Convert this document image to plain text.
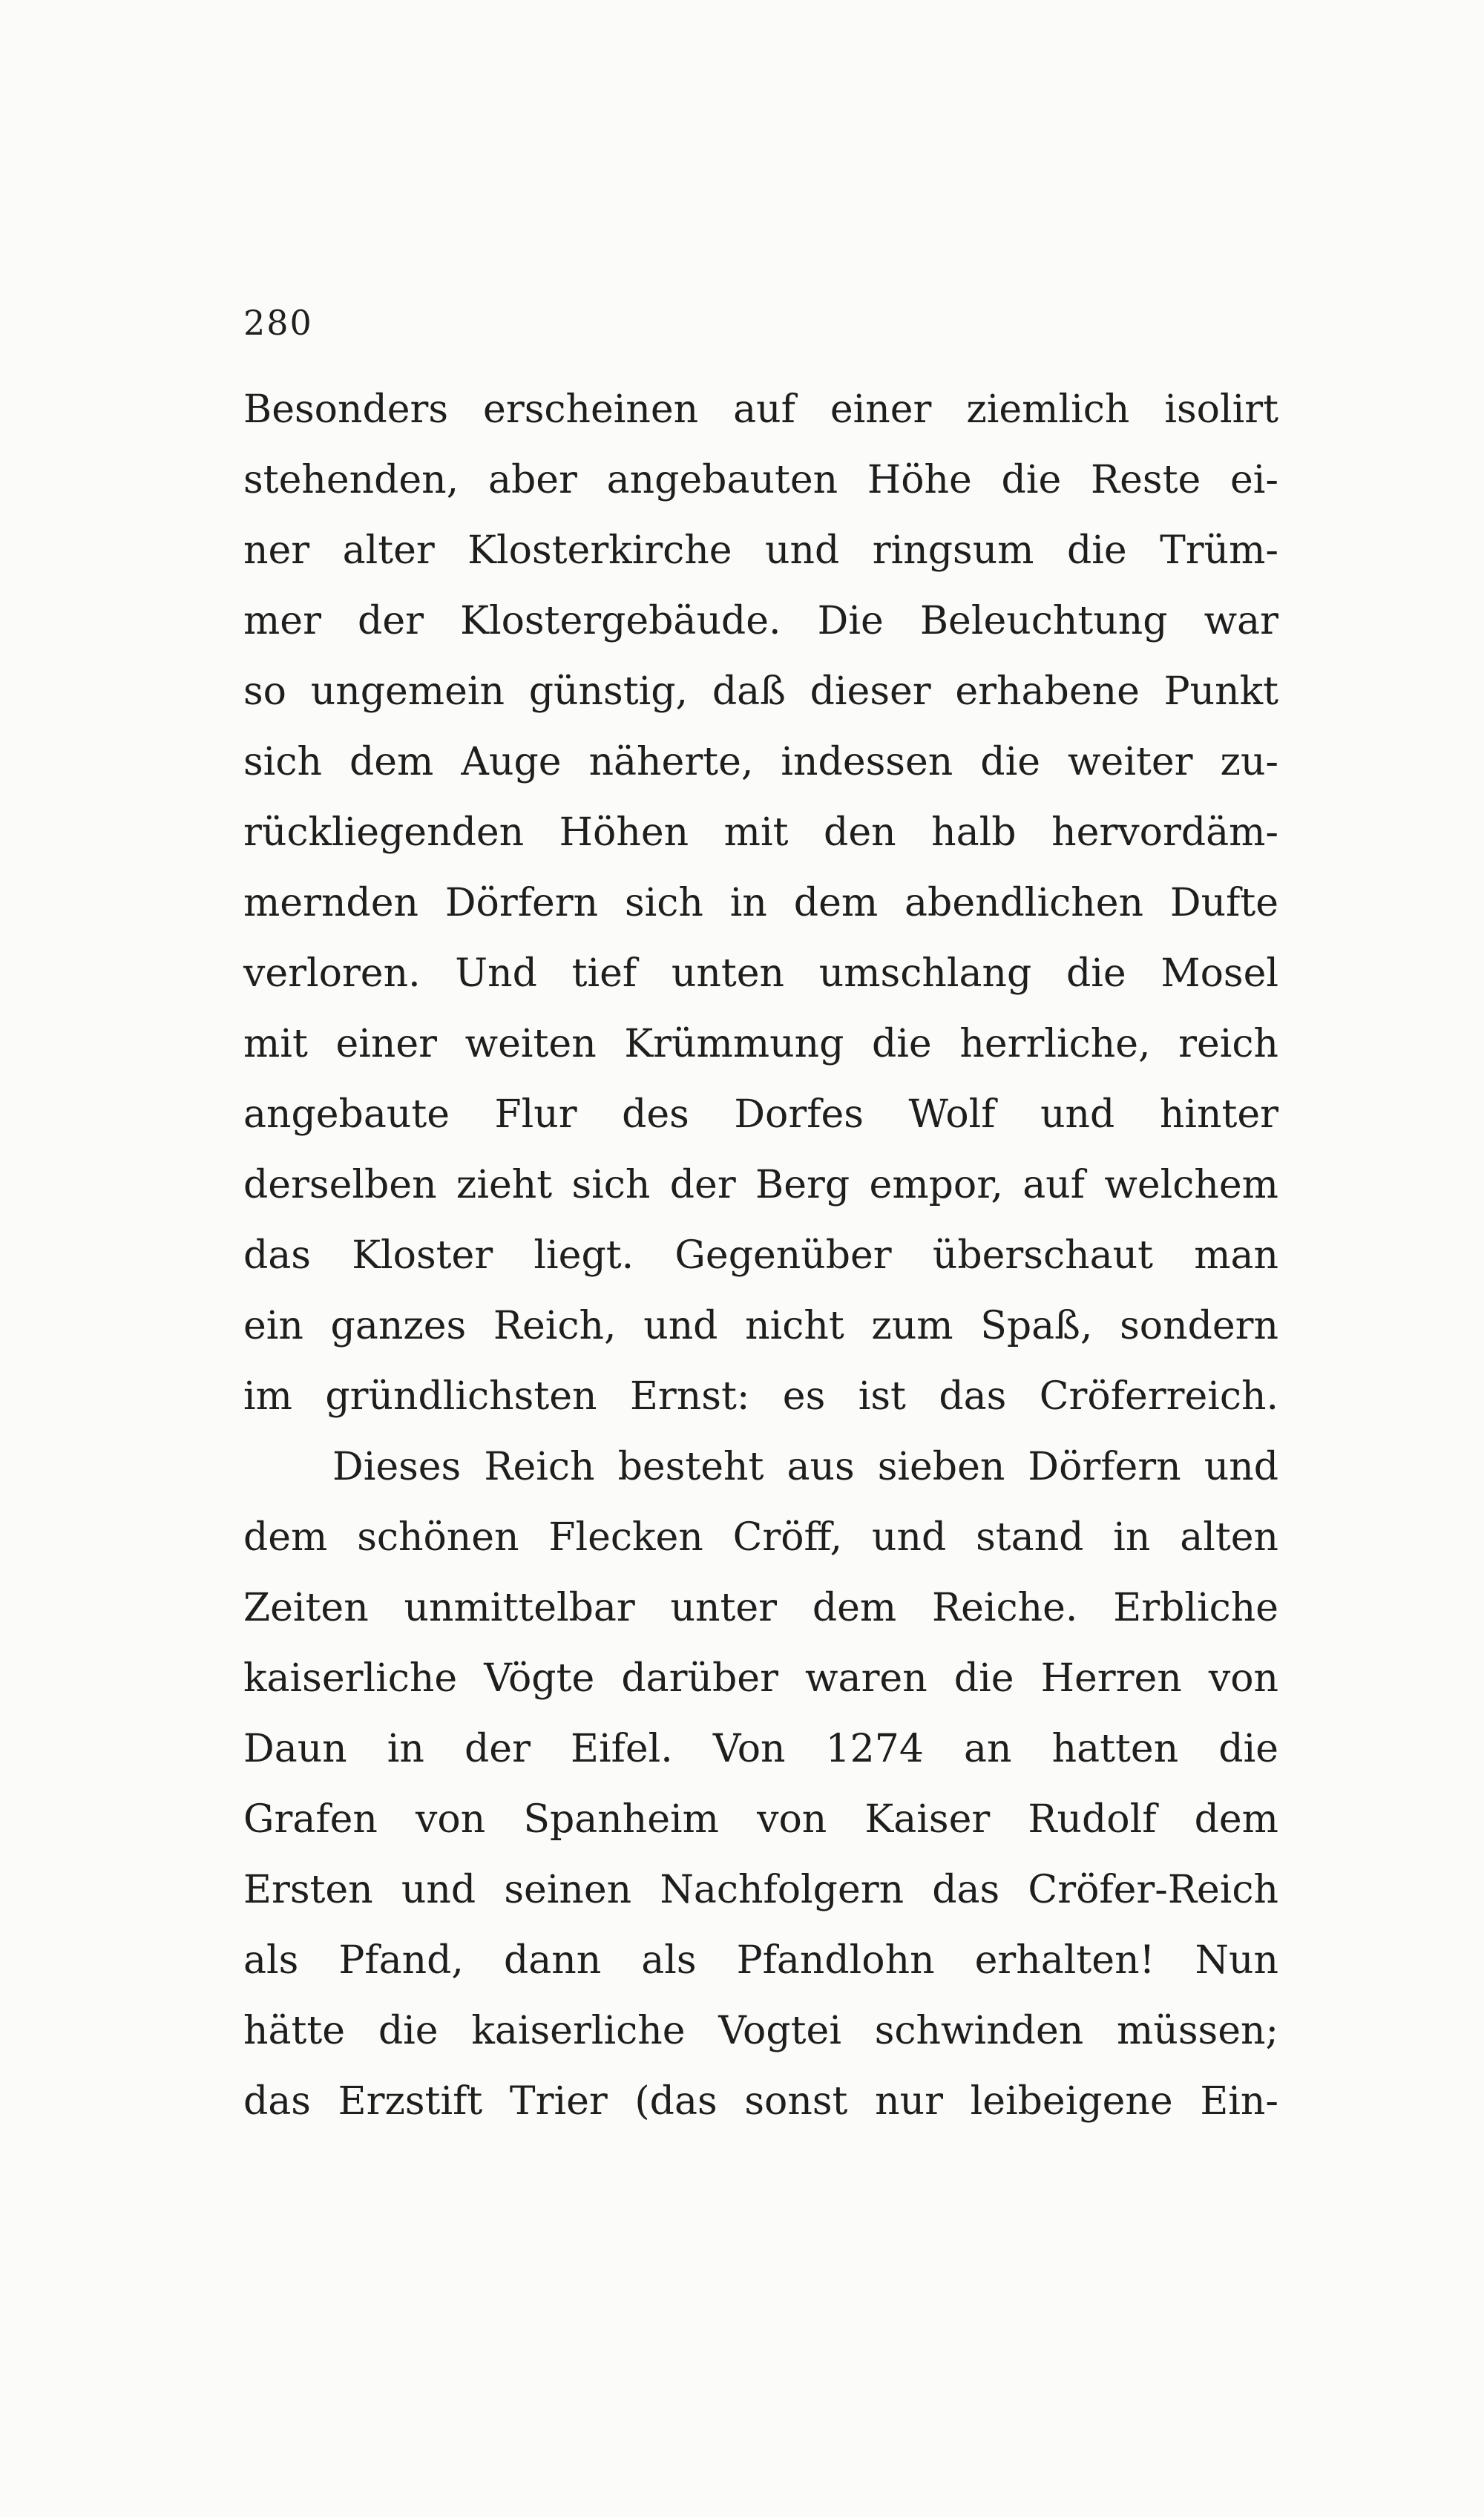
280
Besonders erscheinen auf einer ziemlich isolirt
stehenden, aber angebauten Höhe die Reste ei-
ner alter Klosterkirche und ringsum die Trüm-
mer der Klostergebäude. Die Beleuchtung war
so ungemein günstig, daß dieser erhabene Punkt
sich dem Auge näherte, indessen die weiter zu-
rückliegenden Höhen mit den halb hervordäm-
mernden Dörfern sich in dem abendlichen Dufte
verloren. Und tief unten umschlang die Mosel
mit einer weiten Krümmung die herrliche, reich
angebaute Flur des Dorfes Wolf und hinter
derselben zieht sich der Berg empor, auf welchem
das Kloster liegt. Gegenüber überschaut man
ein ganzes Reich, und nicht zum Spaß, sondern
im gründlichsten Ernst: es ist das Cröferreich.
Dieses Reich besteht aus sieben Dörfern und
dem schönen Flecken Cröff, und stand in alten
Zeiten unmittelbar unter dem Reiche. Erbliche
kaiserliche Vögte darüber waren die Herren von
Daun in der Eifel. Von 1274 an hatten die
Grafen von Spanheim von Kaiser Rudolf dem
Ersten und seinen Nachfolgern das Cröfer-Reich
als Pfand, dann als Pfandlohn erhalten! Nun
hätte die kaiserliche Vogtei schwinden müssen;
das Erzstift Trier (das sonst nur leibeigene Ein-
